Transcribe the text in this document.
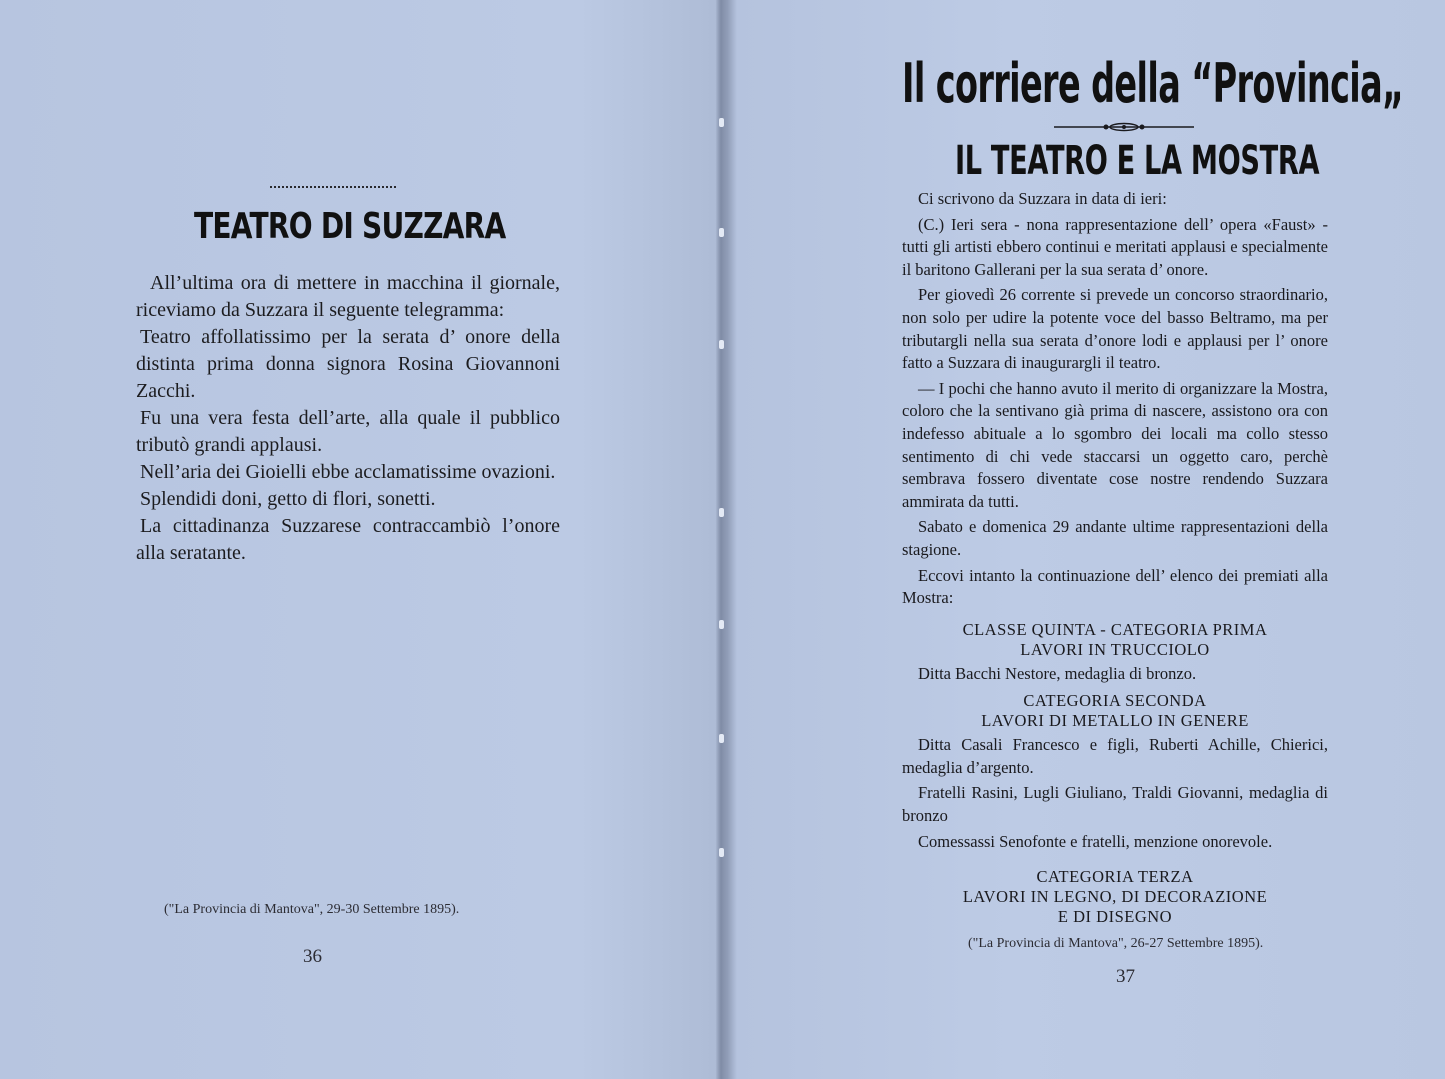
TEATRO DI SUZZARA

All’ultima ora di mettere in macchina il giornale, riceviamo da Suzzara il seguente telegramma:

Teatro affollatissimo per la serata d’ onore della distinta prima donna signora Rosina Giovannoni Zacchi.

Fu una vera festa dell’arte, alla quale il pubblico tributò grandi applausi.

Nell’aria dei Gioielli ebbe acclamatissime ovazioni.

Splendidi doni, getto di flori, sonetti.

La cittadinanza Suzzarese contraccambiò l’onore alla seratante.

("La Provincia di Mantova", 29-30 Settembre 1895).
36
Il corriere della “Provincia„
IL TEATRO E LA MOSTRA

Ci scrivono da Suzzara in data di ieri:

(C.) Ieri sera - nona rappresentazione dell’ opera «Faust» - tutti gli artisti ebbero continui e meritati applausi e specialmente il baritono Gallerani per la sua serata d’ onore.

Per giovedì 26 corrente si prevede un concorso straordinario, non solo per udire la potente voce del basso Beltramo, ma per tributargli nella sua serata d’onore lodi e applausi per l’ onore fatto a Suzzara di inaugurargli il teatro.

— I pochi che hanno avuto il merito di organizzare la Mostra, coloro che la sentivano già prima di nascere, assistono ora con indefesso abituale a lo sgombro dei locali ma collo stesso sentimento di chi vede staccarsi un oggetto caro, perchè sembrava fossero diventate cose nostre rendendo Suzzara ammirata da tutti.

Sabato e domenica 29 andante ultime rappresentazioni della stagione.

Eccovi intanto la continuazione dell’ elenco dei premiati alla Mostra:

CLASSE QUINTA - CATEGORIA PRIMA

LAVORI IN TRUCCIOLO

Ditta Bacchi Nestore, medaglia di bronzo.

CATEGORIA SECONDA

LAVORI DI METALLO IN GENERE

Ditta Casali Francesco e figli, Ruberti Achille, Chierici, medaglia d’argento.

Fratelli Rasini, Lugli Giuliano, Traldi Giovanni, medaglia di bronzo

Comessassi Senofonte e fratelli, menzione onorevole.

CATEGORIA TERZA

LAVORI IN LEGNO, DI DECORAZIONE

E DI DISEGNO

("La Provincia di Mantova", 26-27 Settembre 1895).
37
